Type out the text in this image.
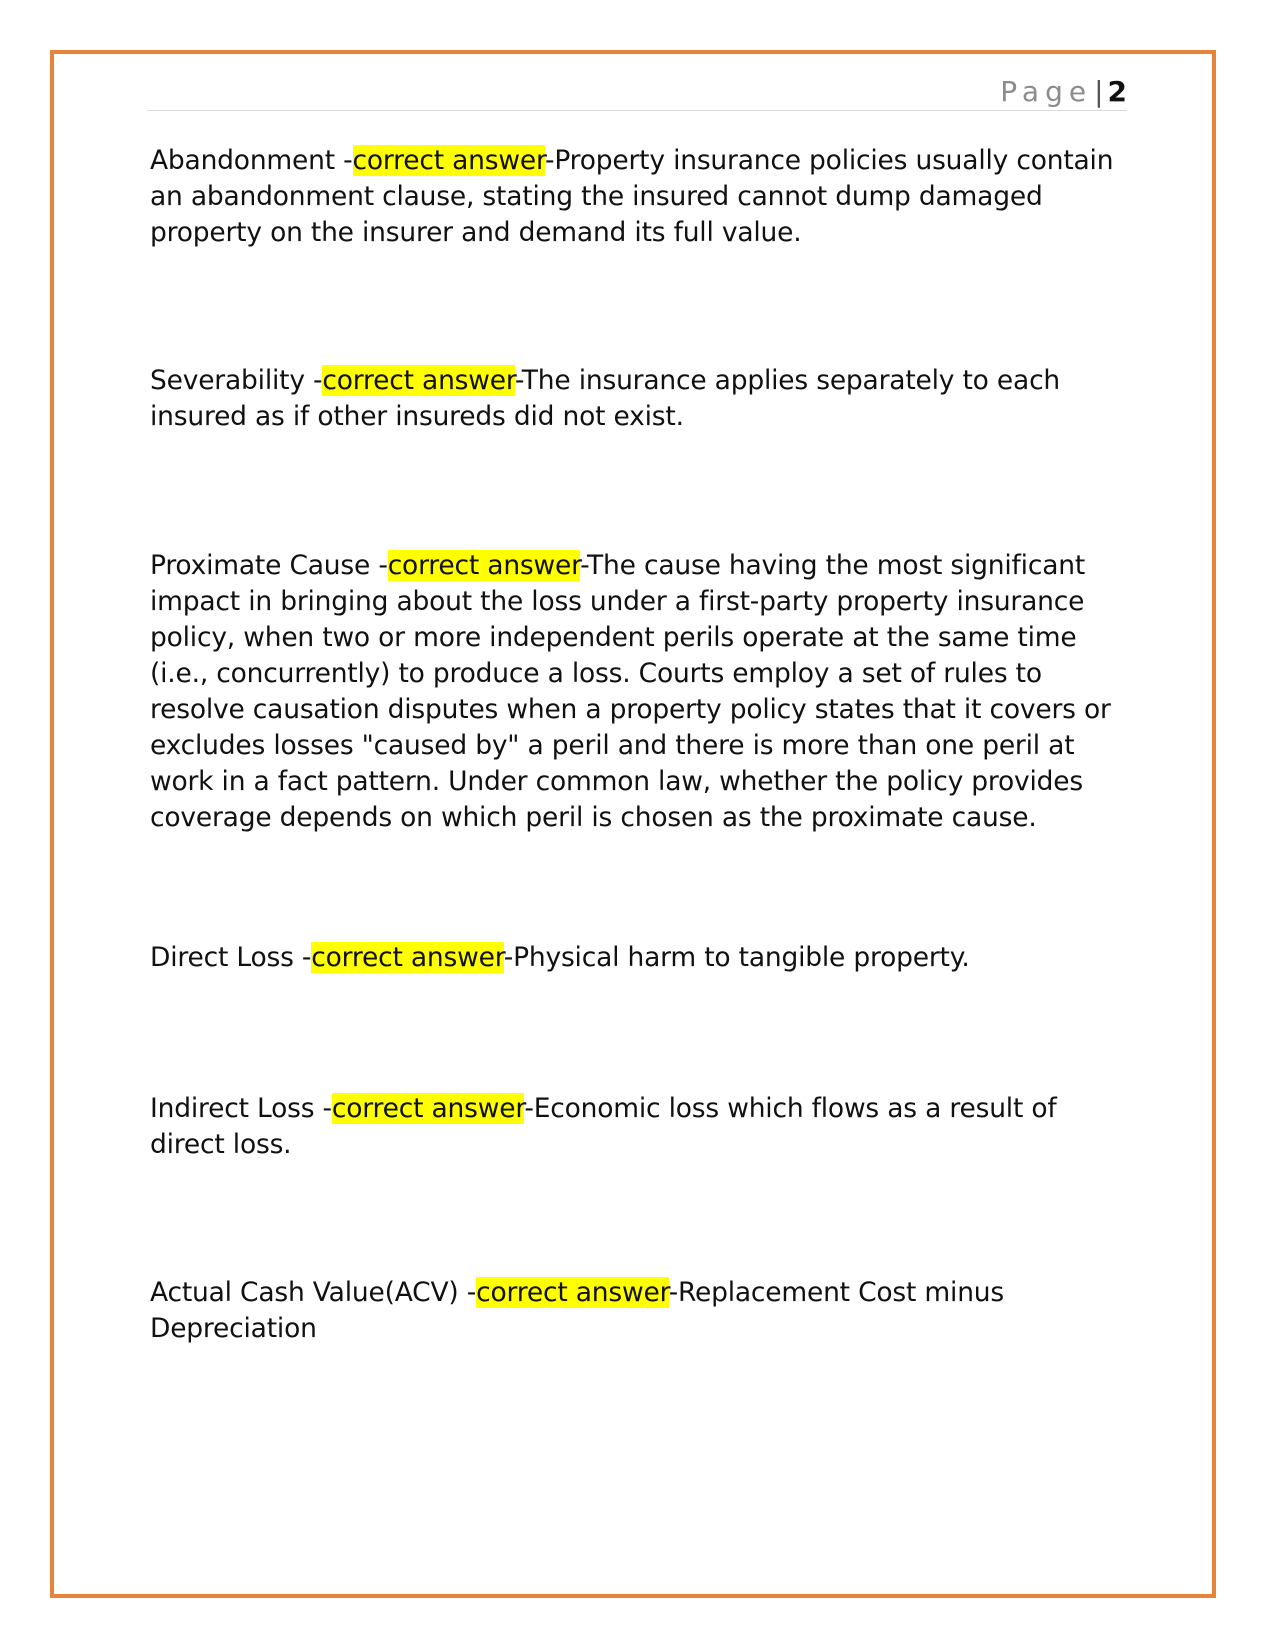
Page| 2

Abandonment -correct answer-Property insurance policies usually contain an abandonment clause, stating the insured cannot dump damaged property on the insurer and demand its full value.

Severability -correct answer-The insurance applies separately to each insured as if other insureds did not exist.

Proximate Cause -correct answer-The cause having the most significant impact in bringing about the loss under a first-party property insurance policy, when two or more independent perils operate at the same time (i.e., concurrently) to produce a loss. Courts employ a set of rules to resolve causation disputes when a property policy states that it covers or excludes losses "caused by" a peril and there is more than one peril at work in a fact pattern. Under common law, whether the policy provides coverage depends on which peril is chosen as the proximate cause.

Direct Loss -correct answer-Physical harm to tangible property.

Indirect Loss -correct answer-Economic loss which flows as a result of direct loss.

Actual Cash Value(ACV) -correct answer-Replacement Cost minus Depreciation
